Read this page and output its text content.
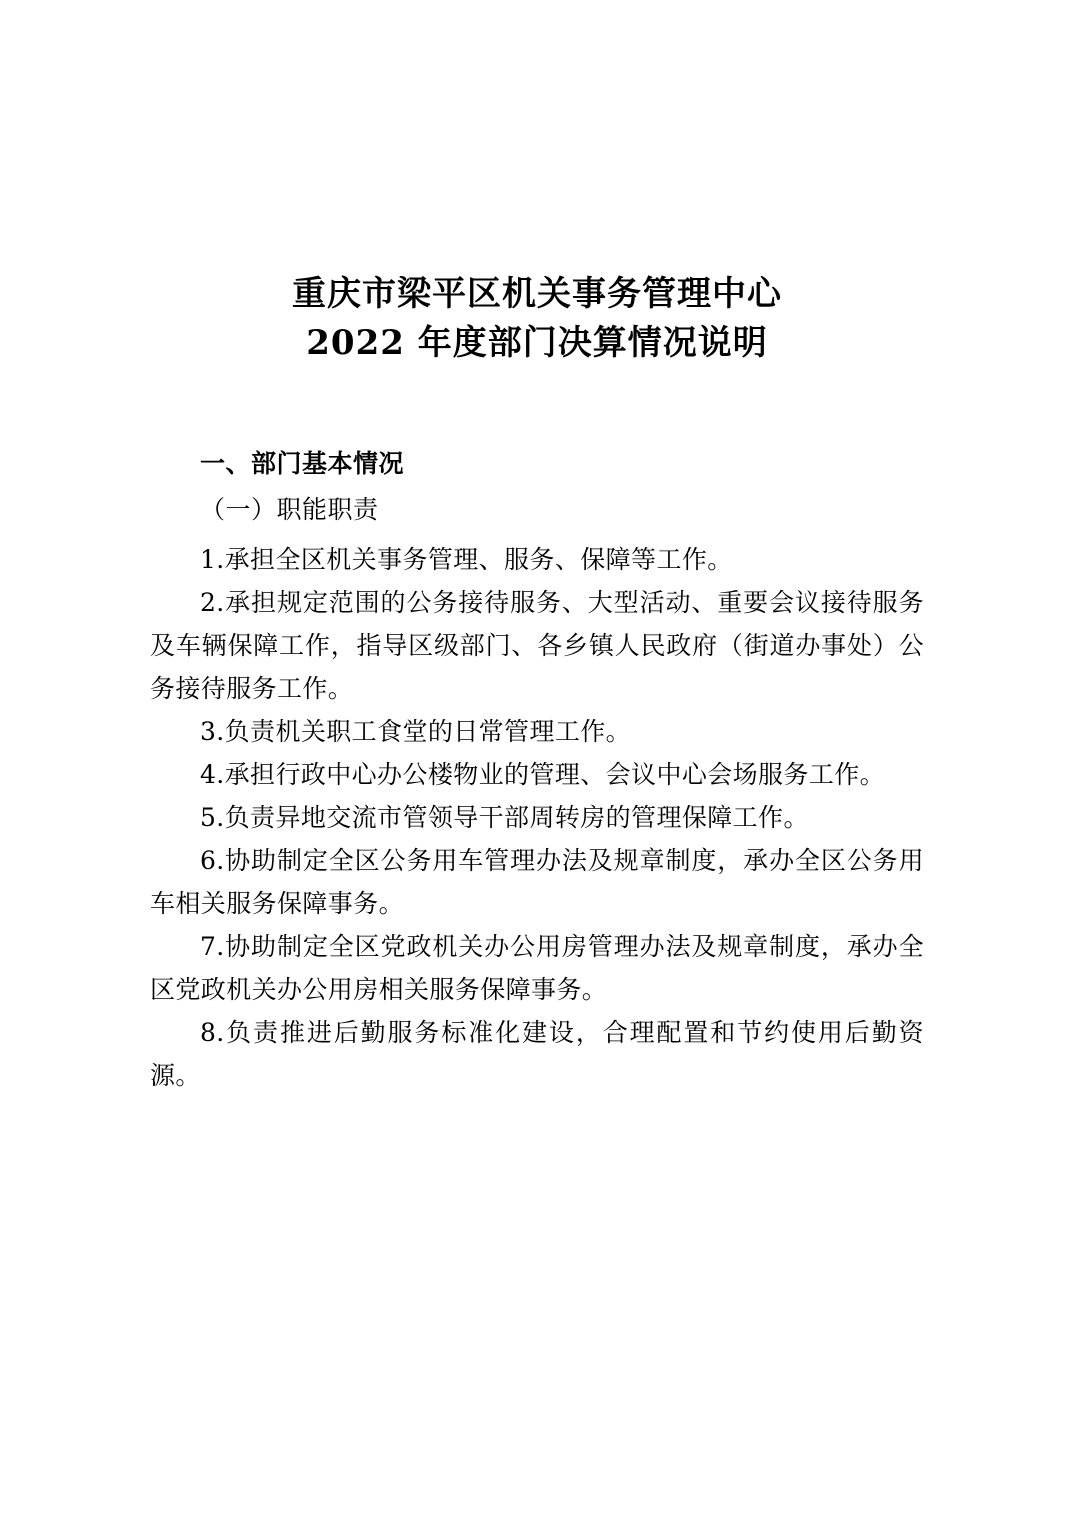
重庆市梁平区机关事务管理中心
2022 年度部门决算情况说明
一、部门基本情况
（一）职能职责

1.承担全区机关事务管理、服务、保障等工作。

2.承担规定范围的公务接待服务、大型活动、重要会议接待服务及车辆保障工作，指导区级部门、各乡镇人民政府（街道办事处）公务接待服务工作。

3.负责机关职工食堂的日常管理工作。

4.承担行政中心办公楼物业的管理、会议中心会场服务工作。

5.负责异地交流市管领导干部周转房的管理保障工作。

6.协助制定全区公务用车管理办法及规章制度，承办全区公务用车相关服务保障事务。

7.协助制定全区党政机关办公用房管理办法及规章制度，承办全区党政机关办公用房相关服务保障事务。

8.负责推进后勤服务标准化建设，合理配置和节约使用后勤资源。
